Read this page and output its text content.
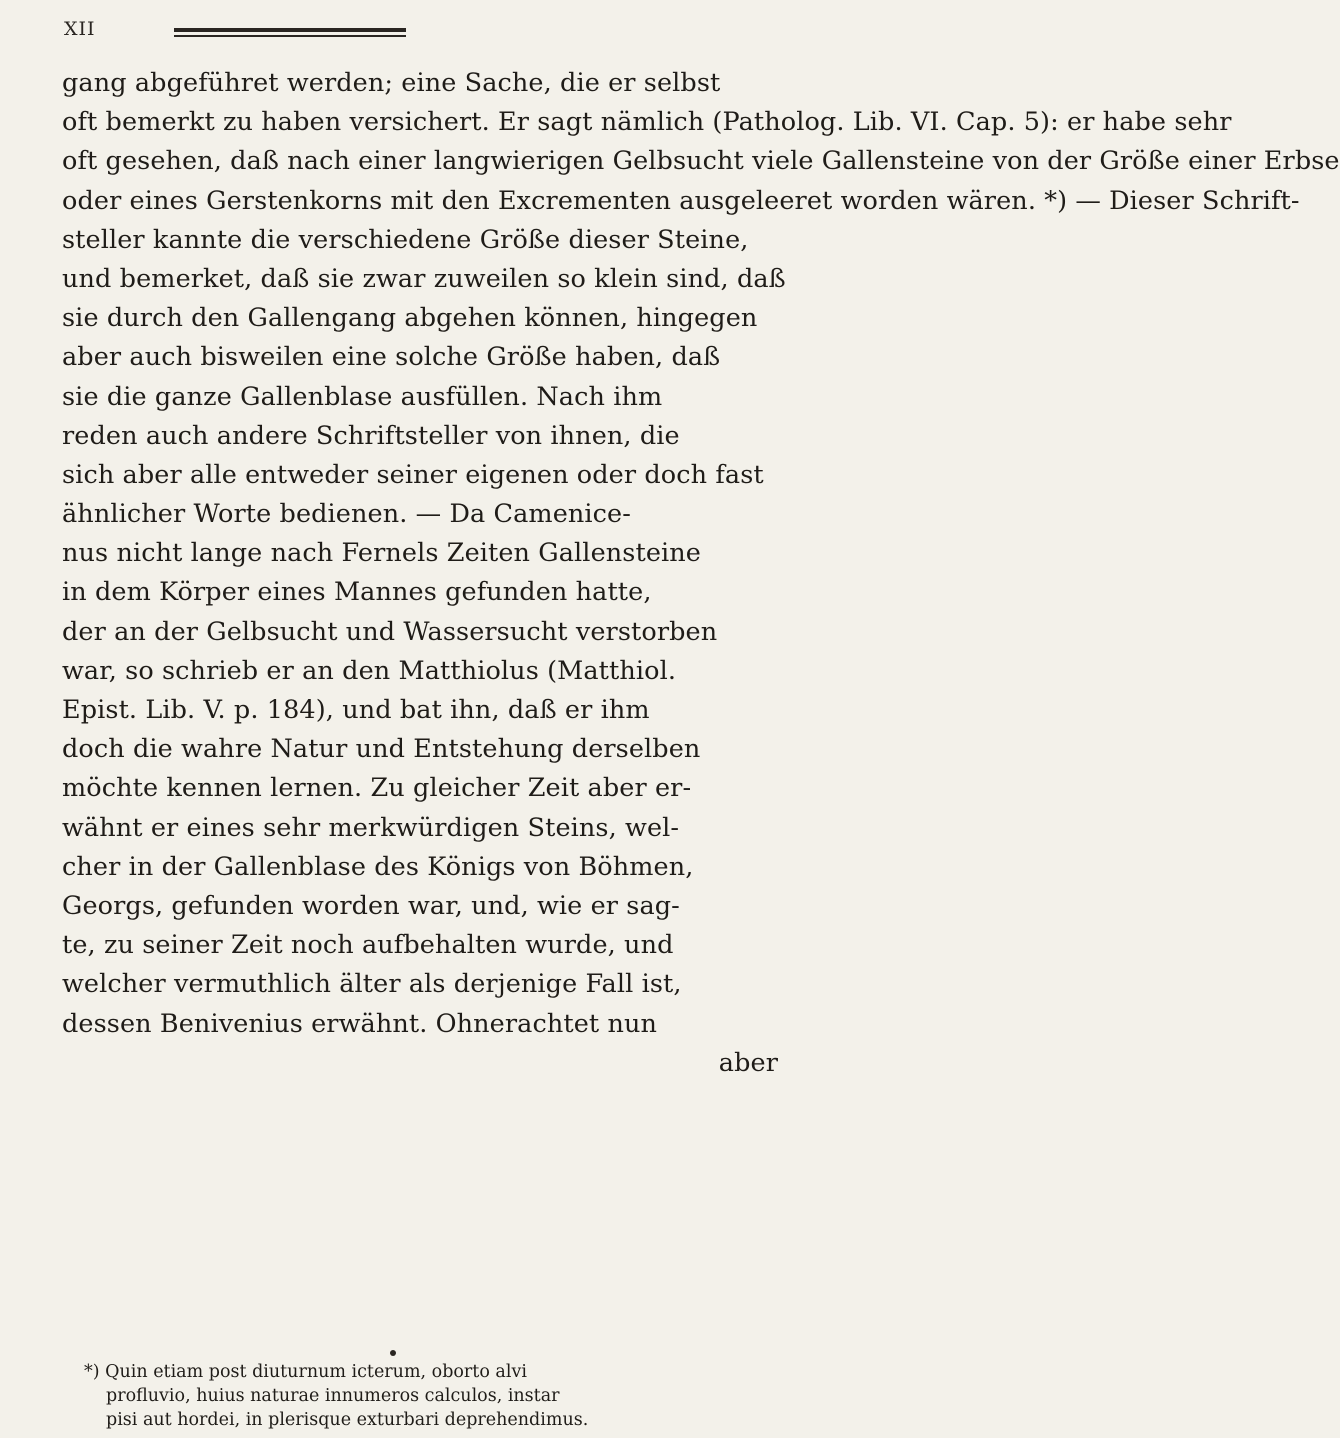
XII
gang abgeführet werden; eine Sache, die er selbst
oft bemerkt zu haben versichert. Er sagt nämlich (Patholog. Lib. VI. Cap. 5): er habe sehr
oft gesehen, daß nach einer langwierigen Gelbsucht viele Gallensteine von der Größe einer Erbse
oder eines Gerstenkorns mit den Excrementen ausgeleeret worden wären. *) — Dieser Schrift-
steller kannte die verschiedene Größe dieser Steine,
und bemerket, daß sie zwar zuweilen so klein sind, daß
sie durch den Gallengang abgehen können, hingegen
aber auch bisweilen eine solche Größe haben, daß
sie die ganze Gallenblase ausfüllen. Nach ihm
reden auch andere Schriftsteller von ihnen, die
sich aber alle entweder seiner eigenen oder doch fast
ähnlicher Worte bedienen. — Da Camenice-
nus nicht lange nach Fernels Zeiten Gallensteine
in dem Körper eines Mannes gefunden hatte,
der an der Gelbsucht und Wassersucht verstorben
war, so schrieb er an den Matthiolus (Matthiol.
Epist. Lib. V. p. 184), und bat ihn, daß er ihm
doch die wahre Natur und Entstehung derselben
möchte kennen lernen. Zu gleicher Zeit aber er-
wähnt er eines sehr merkwürdigen Steins, wel-
cher in der Gallenblase des Königs von Böhmen,
Georgs, gefunden worden war, und, wie er sag-
te, zu seiner Zeit noch aufbehalten wurde, und
welcher vermuthlich älter als derjenige Fall ist,
dessen Benivenius erwähnt. Ohnerachtet nun
aber
*) Quin etiam post diuturnum icterum, oborto alvi
profluvio, huius naturae innumeros calculos, instar
pisi aut hordei, in plerisque exturbari deprehendimus.
